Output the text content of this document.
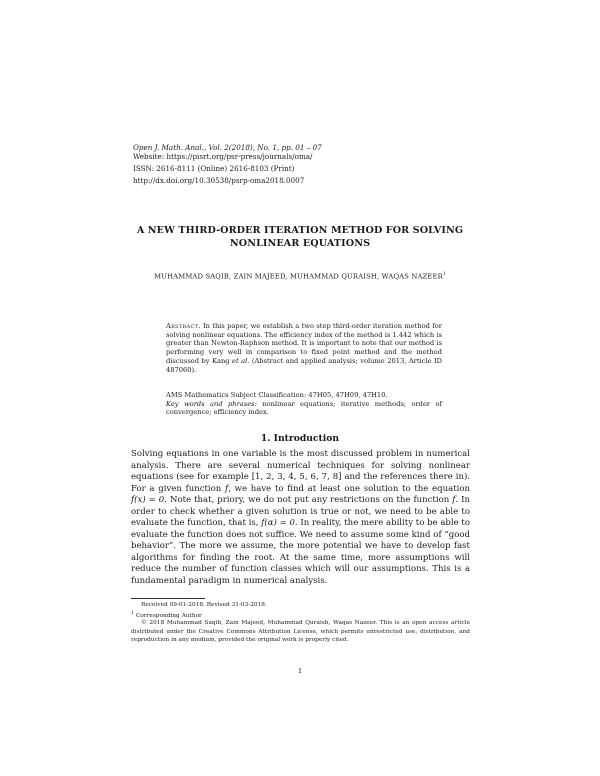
Open J. Math. Anal., Vol. 2(2018), No. 1, pp. 01 – 07
Website: https://pisrt.org/psr-press/journals/oma/
ISSN: 2616-8111 (Online) 2616-8103 (Print)
http://dx.doi.org/10.30538/psrp-oma2018.0007
A NEW THIRD-ORDER ITERATION METHOD FOR SOLVING
NONLINEAR EQUATIONS
MUHAMMAD SAQIB, ZAIN MAJEED, MUHAMMAD QURAISH, WAQAS NAZEER$^1$
Abstract. In this paper, we establish a two step third-order iteration method for solving nonlinear equations. The efficiency index of the method is 1.442 which is greater than Newton-Raphson method. It is important to note that our method is performing very well in comparison to fixed point method and the method discussed by Kang et al. (Abstract and applied analysis; volume 2013, Article ID 487060).
AMS Mathematics Subject Classification: 47H05, 47H09, 47H10.
Key words and phrases: nonlinear equations; iterative methods; order of convergence; efficiency index.
1. Introduction
Solving equations in one variable is the most discussed problem in numerical analysis. There are several numerical techniques for solving nonlinear equations (see for example [1, 2, 3, 4, 5, 6, 7, 8] and the references there in). For a given function f, we have to find at least one solution to the equation f(x) = 0. Note that, priory, we do not put any restrictions on the function f. In order to check whether a given solution is true or not, we need to be able to evaluate the function, that is, f(α) = 0. In reality, the mere ability to be able to evaluate the function does not suffice. We need to assume some kind of “good behavior”. The more we assume, the more potential we have to develop fast algorithms for finding the root. At the same time, more assumptions will reduce the number of function classes which will our assumptions. This is a fundamental paradigm in numerical analysis.
Received 09-01-2018. Revised 31-03-2018.
$^1$ Corresponding Author
© 2018 Muhammad Saqib, Zain Majeed, Muhammad Quraish, Waqas Nazeer. This is an open access article distributed under the Creative Commons Attribution License, which permits unrestricted use, distribution, and reproduction in any medium, provided the original work is properly cited.
1
